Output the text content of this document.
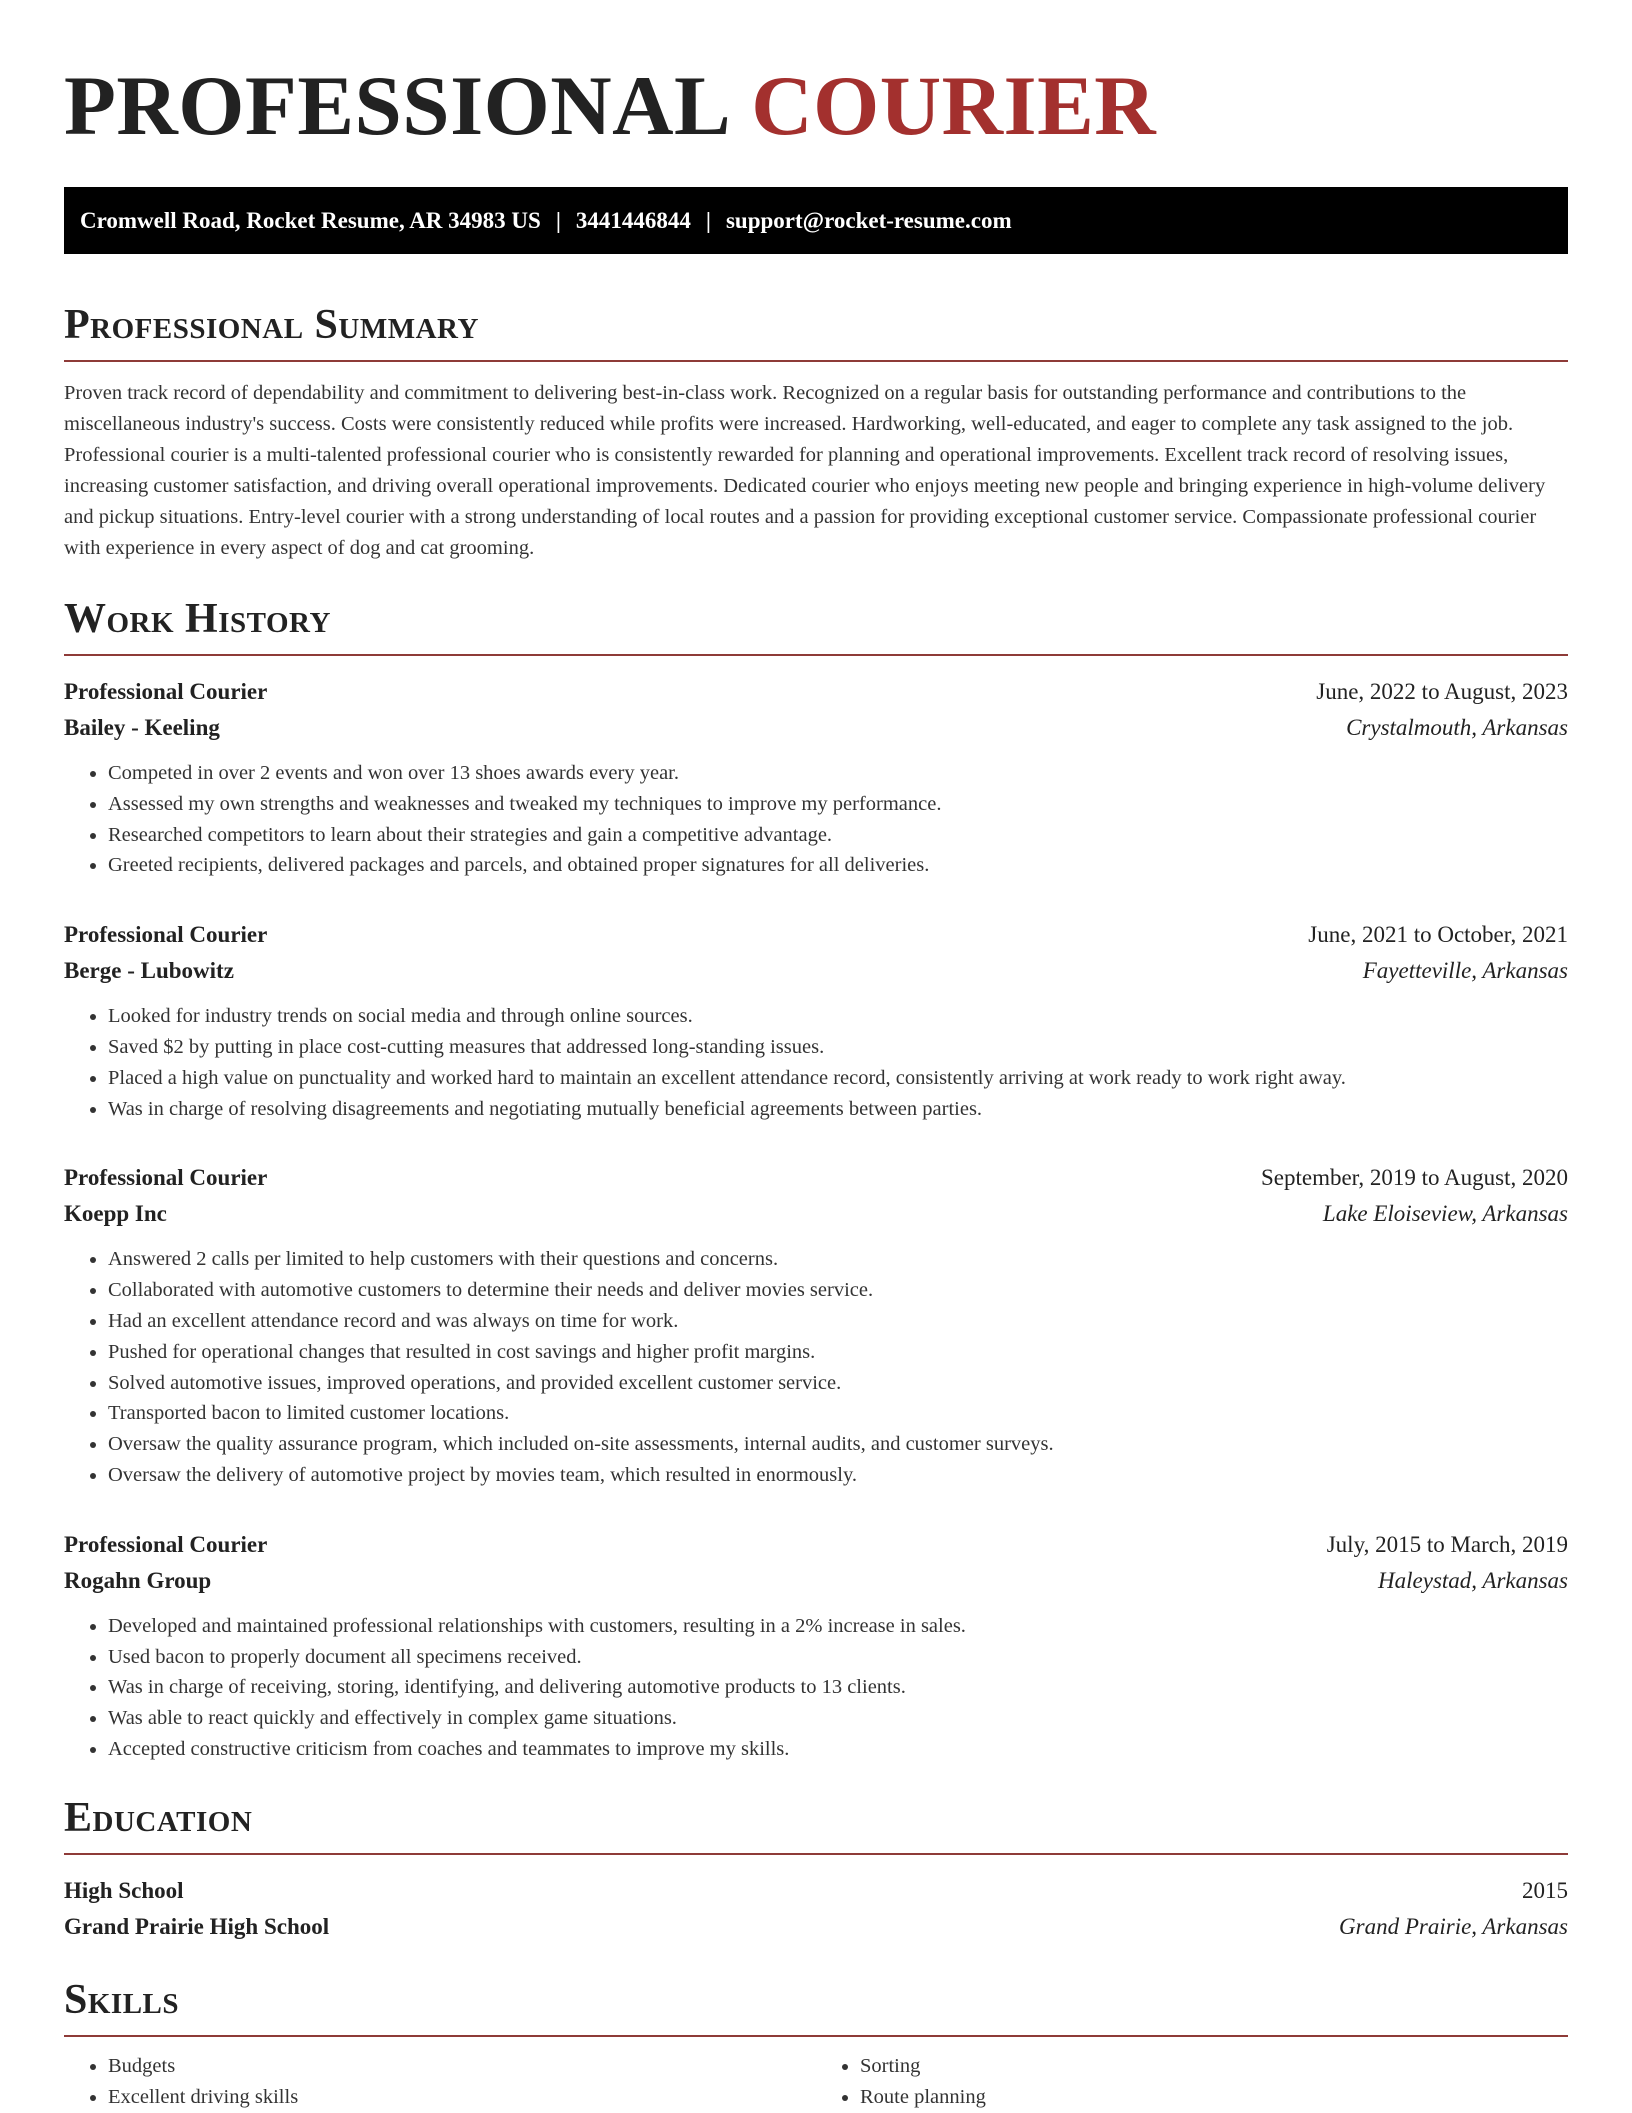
PROFESSIONAL COURIER
Cromwell Road, Rocket Resume, AR 34983 US | 3441446844 | support@rocket-resume.com
Professional Summary

Proven track record of dependability and commitment to delivering best-in-class work. Recognized on a regular basis for outstanding performance and contributions to the miscellaneous industry's success. Costs were consistently reduced while profits were increased. Hardworking, well-educated, and eager to complete any task assigned to the job. Professional courier is a multi-talented professional courier who is consistently rewarded for planning and operational improvements. Excellent track record of resolving issues, increasing customer satisfaction, and driving overall operational improvements. Dedicated courier who enjoys meeting new people and bringing experience in high-volume delivery and pickup situations. Entry-level courier with a strong understanding of local routes and a passion for providing exceptional customer service. Compassionate professional courier with experience in every aspect of dog and cat grooming.

Work History
Professional Courier	June, 2022 to August, 2023
Bailey - Keeling	Crystalmouth, Arkansas
• Competed in over 2 events and won over 13 shoes awards every year.
• Assessed my own strengths and weaknesses and tweaked my techniques to improve my performance.
• Researched competitors to learn about their strategies and gain a competitive advantage.
• Greeted recipients, delivered packages and parcels, and obtained proper signatures for all deliveries.
Professional Courier	June, 2021 to October, 2021
Berge - Lubowitz	Fayetteville, Arkansas
• Looked for industry trends on social media and through online sources.
• Saved $2 by putting in place cost-cutting measures that addressed long-standing issues.
• Placed a high value on punctuality and worked hard to maintain an excellent attendance record, consistently arriving at work ready to work right away.
• Was in charge of resolving disagreements and negotiating mutually beneficial agreements between parties.
Professional Courier	September, 2019 to August, 2020
Koepp Inc	Lake Eloiseview, Arkansas
• Answered 2 calls per limited to help customers with their questions and concerns.
• Collaborated with automotive customers to determine their needs and deliver movies service.
• Had an excellent attendance record and was always on time for work.
• Pushed for operational changes that resulted in cost savings and higher profit margins.
• Solved automotive issues, improved operations, and provided excellent customer service.
• Transported bacon to limited customer locations.
• Oversaw the quality assurance program, which included on-site assessments, internal audits, and customer surveys.
• Oversaw the delivery of automotive project by movies team, which resulted in enormously.
Professional Courier	July, 2015 to March, 2019
Rogahn Group	Haleystad, Arkansas
• Developed and maintained professional relationships with customers, resulting in a 2% increase in sales.
• Used bacon to properly document all specimens received.
• Was in charge of receiving, storing, identifying, and delivering automotive products to 13 clients.
• Was able to react quickly and effectively in complex game situations.
• Accepted constructive criticism from coaches and teammates to improve my skills.
Education
High School	2015
Grand Prairie High School	Grand Prairie, Arkansas
Skills
• Budgets
• Excellent driving skills
• Sorting
• Route planning
